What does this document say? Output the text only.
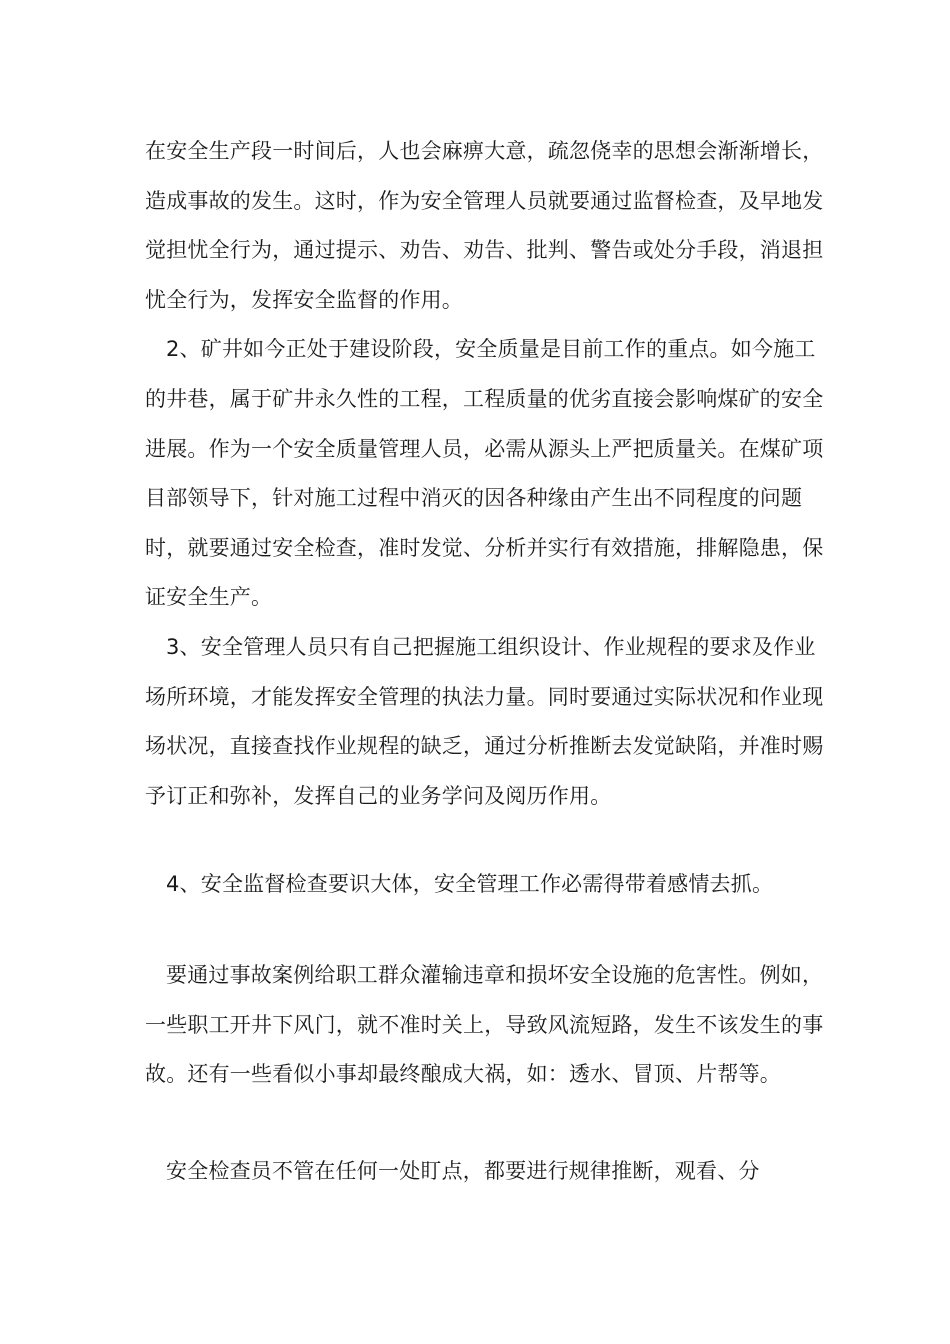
在安全生产段一时间后，人也会麻痹大意，疏忽侥幸的思想会渐渐增长，造成事故的发生。这时，作为安全管理人员就要通过监督检查，及早地发觉担忧全行为，通过提示、劝告、劝告、批判、警告或处分手段，消退担忧全行为，发挥安全监督的作用。

2、矿井如今正处于建设阶段，安全质量是目前工作的重点。如今施工的井巷，属于矿井永久性的工程，工程质量的优劣直接会影响煤矿的安全进展。作为一个安全质量管理人员，必需从源头上严把质量关。在煤矿项目部领导下，针对施工过程中消灭的因各种缘由产生出不同程度的问题时，就要通过安全检查，准时发觉、分析并实行有效措施，排解隐患，保证安全生产。

3、安全管理人员只有自己把握施工组织设计、作业规程的要求及作业场所环境，才能发挥安全管理的执法力量。同时要通过实际状况和作业现场状况，直接查找作业规程的缺乏，通过分析推断去发觉缺陷，并准时赐予订正和弥补，发挥自己的业务学问及阅历作用。

4、安全监督检查要识大体，安全管理工作必需得带着感情去抓。

要通过事故案例给职工群众灌输违章和损坏安全设施的危害性。例如，一些职工开井下风门，就不准时关上，导致风流短路，发生不该发生的事故。还有一些看似小事却最终酿成大祸，如：透水、冒顶、片帮等。

安全检查员不管在任何一处盯点，都要进行规律推断，观看、分
